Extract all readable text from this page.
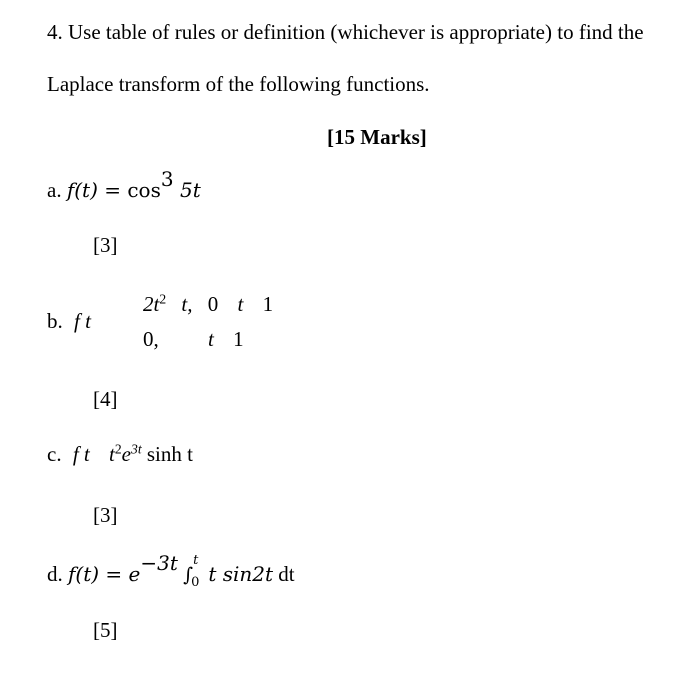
4. Use table of rules or definition (whichever is appropriate) to find the
Laplace transform of the following functions.
[15 Marks]
a. $f(t) = \cos^3 5t$
[3]
b. f t
$2t^2$ t, 0 t 1
0, t 1
[4]
c. f t $t^2e^{3t}$ sinh t
[3]
d. $f(t) = e^{-3t}$ ∫
t
0 t sin2t dt
[5]
